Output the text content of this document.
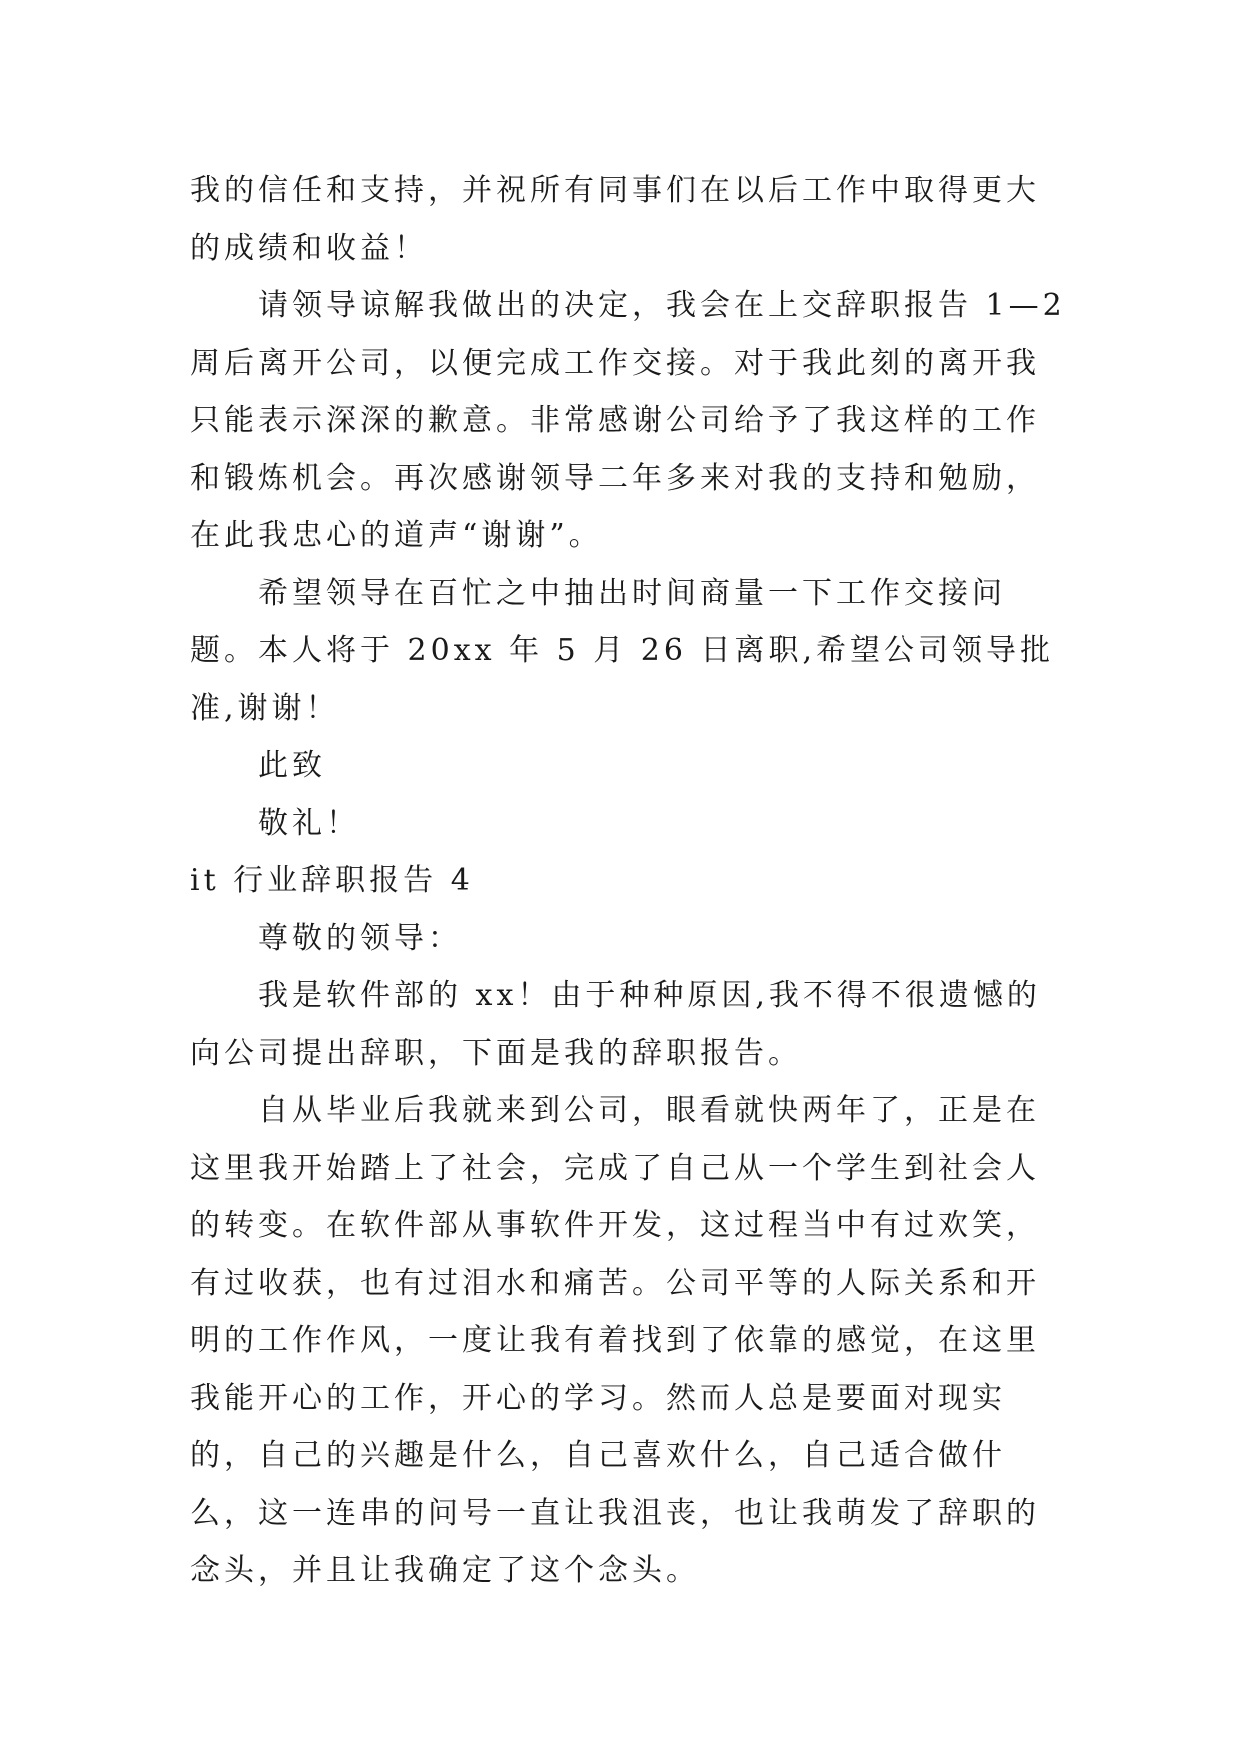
我的信任和支持，并祝所有同事们在以后工作中取得更大的成绩和收益！

请领导谅解我做出的决定，我会在上交辞职报告 1—2 周后离开公司，以便完成工作交接。对于我此刻的离开我只能表示深深的歉意。非常感谢公司给予了我这样的工作和锻炼机会。再次感谢领导二年多来对我的支持和勉励，在此我忠心的道声“谢谢”。

希望领导在百忙之中抽出时间商量一下工作交接问题。本人将于 20xx 年 5 月 26 日离职,希望公司领导批准,谢谢！

此致

敬礼！

it 行业辞职报告 4

尊敬的领导：

我是软件部的 xx！由于种种原因,我不得不很遗憾的向公司提出辞职，下面是我的辞职报告。

自从毕业后我就来到公司，眼看就快两年了，正是在这里我开始踏上了社会，完成了自己从一个学生到社会人的转变。在软件部从事软件开发，这过程当中有过欢笑，有过收获，也有过泪水和痛苦。公司平等的人际关系和开明的工作作风，一度让我有着找到了依靠的感觉，在这里我能开心的工作，开心的学习。然而人总是要面对现实的，自己的兴趣是什么，自己喜欢什么，自己适合做什么，这一连串的问号一直让我沮丧，也让我萌发了辞职的念头，并且让我确定了这个念头。
